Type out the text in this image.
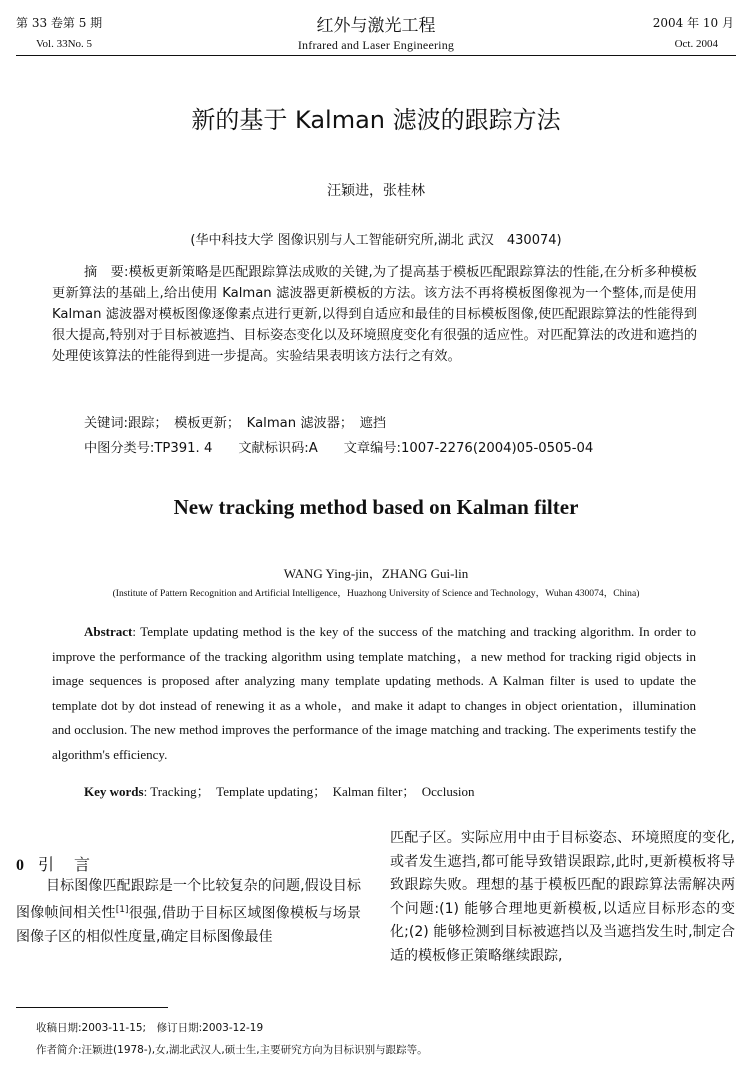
第 33 卷第 5 期
Vol. 33No. 5
红外与激光工程
Infrared and Laser Engineering
2004 年 10 月
Oct. 2004
新的基于 Kalman 滤波的跟踪方法
汪颖进，张桂林
(华中科技大学 图像识别与人工智能研究所,湖北 武汉　430074)
摘　要:模板更新策略是匹配跟踪算法成败的关键,为了提高基于模板匹配跟踪算法的性能,在分析多种模板更新算法的基础上,给出使用 Kalman 滤波器更新模板的方法。该方法不再将模板图像视为一个整体,而是使用 Kalman 滤波器对模板图像逐像素点进行更新,以得到自适应和最佳的目标模板图像,使匹配跟踪算法的性能得到很大提高,特别对于目标被遮挡、目标姿态变化以及环境照度变化有很强的适应性。对匹配算法的改进和遮挡的处理使该算法的性能得到进一步提高。实验结果表明该方法行之有效。
关键词:跟踪；　模板更新；　Kalman 滤波器；　遮挡
中图分类号:TP391. 4 文献标识码:A 文章编号:1007-2276(2004)05-0505-04
New tracking method based on Kalman filter
WANG Ying-jin，ZHANG Gui-lin
(Institute of Pattern Recognition and Artificial Intelligence，Huazhong University of Science and Technology，Wuhan 430074，China)
Abstract: Template updating method is the key of the success of the matching and tracking algorithm. In order to improve the performance of the tracking algorithm using template matching，a new method for tracking rigid objects in image sequences is proposed after analyzing many template updating methods. A Kalman filter is used to update the template dot by dot instead of renewing it as a whole，and make it adapt to changes in object orientation，illumination and occlusion. The new method improves the performance of the image matching and tracking. The experiments testify the algorithm's efficiency.
Key words: Tracking；　Template updating；　Kalman filter；　Occlusion
0 引言
目标图像匹配跟踪是一个比较复杂的问题,假设目标图像帧间相关性[1]很强,借助于目标区域图像模板与场景图像子区的相似性度量,确定目标图像最佳
匹配子区。实际应用中由于目标姿态、环境照度的变化,或者发生遮挡,都可能导致错误跟踪,此时,更新模板将导致跟踪失败。理想的基于模板匹配的跟踪算法需解决两个问题:(1) 能够合理地更新模板,以适应目标形态的变化;(2) 能够检测到目标被遮挡以及当遮挡发生时,制定合适的模板修正策略继续跟踪,
收稿日期:2003-11-15;　修订日期:2003-12-19
作者简介:汪颖进(1978-),女,湖北武汉人,硕士生,主要研究方向为目标识别与跟踪等。
